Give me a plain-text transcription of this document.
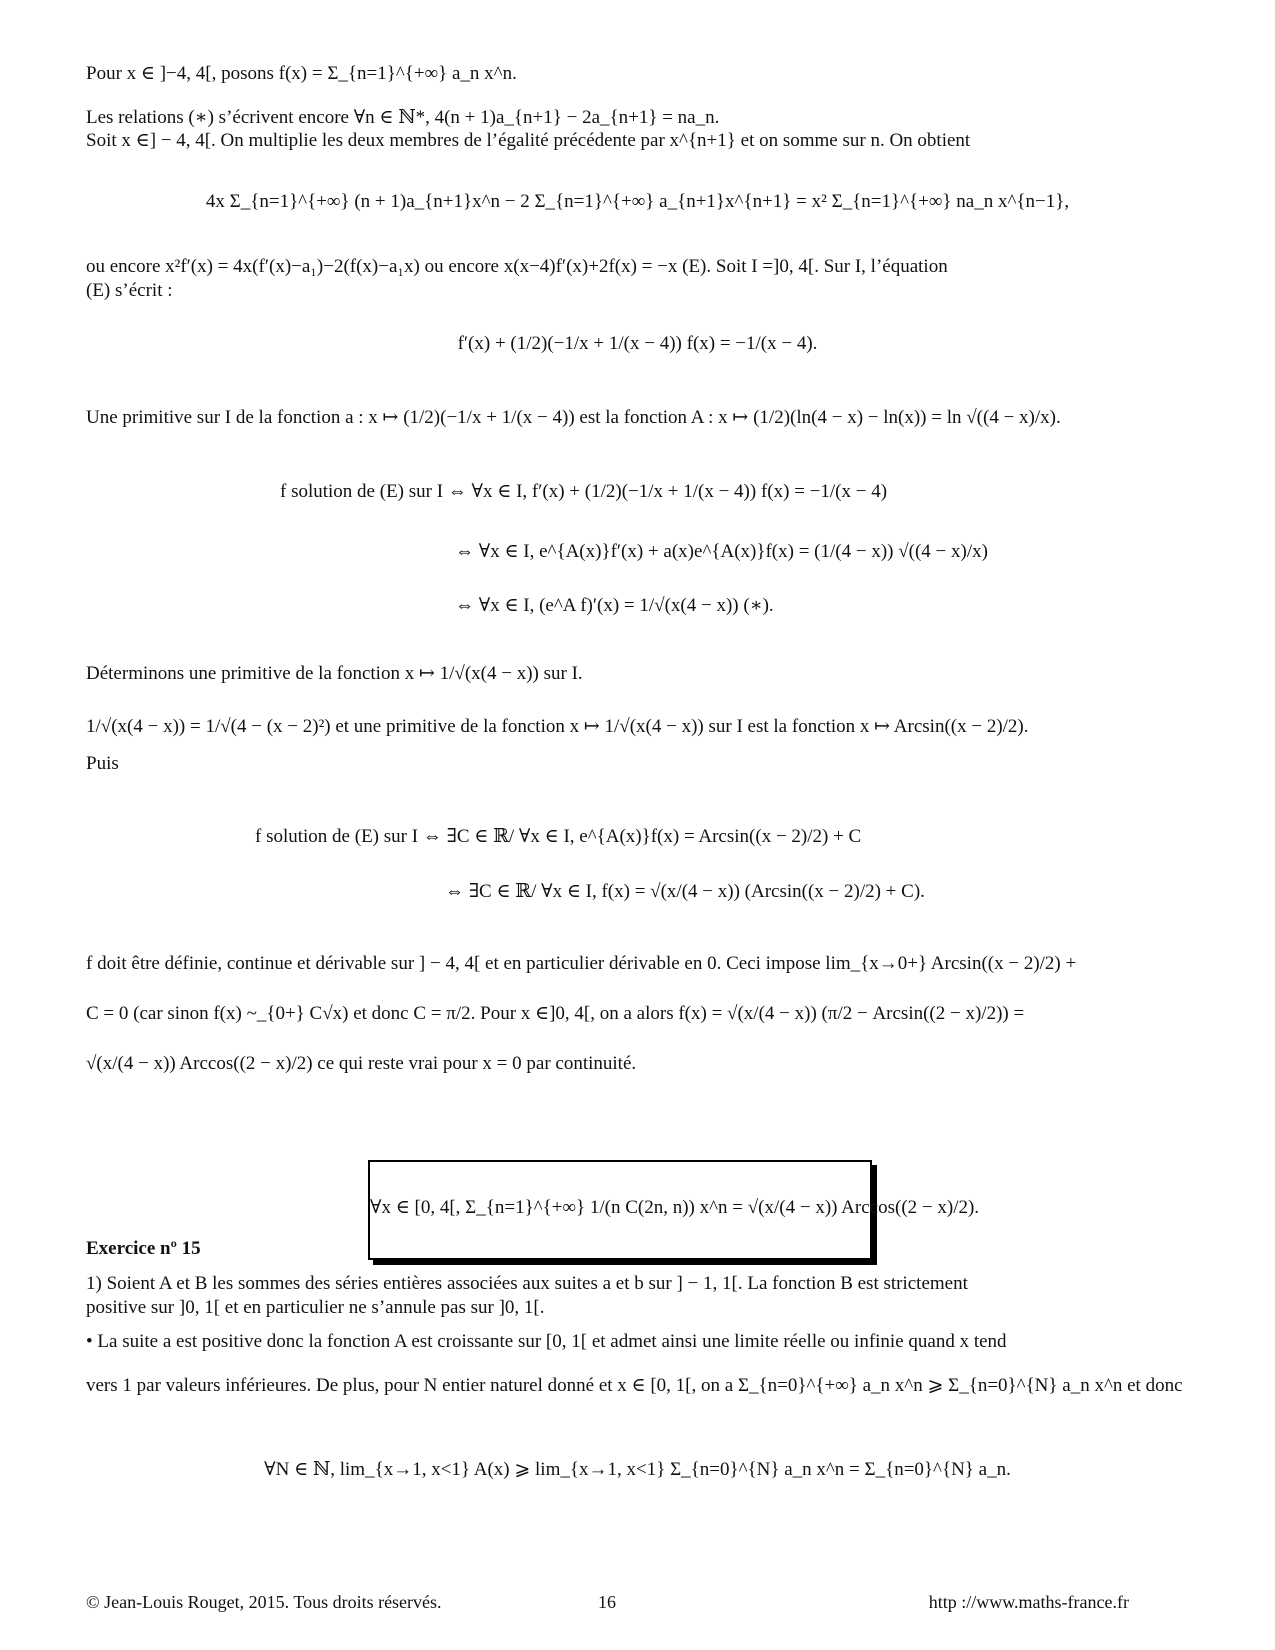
Pour x ∈ ]−4, 4[, posons f(x) = Σ_{n=1}^{+∞} a_n x^n.
Les relations (∗) s’écrivent encore ∀n ∈ ℕ*, 4(n + 1)a_{n+1} − 2a_{n+1} = na_n.
Soit x ∈] − 4, 4[. On multiplie les deux membres de l’égalité précédente par x^{n+1} et on somme sur n. On obtient
4x Σ_{n=1}^{+∞} (n + 1)a_{n+1}x^n − 2 Σ_{n=1}^{+∞} a_{n+1}x^{n+1} = x² Σ_{n=1}^{+∞} na_n x^{n−1},
ou encore x²f′(x) = 4x(f′(x)−a₁)−2(f(x)−a₁x) ou encore x(x−4)f′(x)+2f(x) = −x (E). Soit I =]0, 4[. Sur I, l’équation
(E) s’écrit :
f′(x) + (1/2)(−1/x + 1/(x − 4)) f(x) = −1/(x − 4).
Une primitive sur I de la fonction a : x ↦ (1/2)(−1/x + 1/(x − 4)) est la fonction A : x ↦ (1/2)(ln(4 − x) − ln(x)) = ln √((4 − x)/x).
f solution de (E) sur I ⇔ ∀x ∈ I, f′(x) + (1/2)(−1/x + 1/(x − 4)) f(x) = −1/(x − 4)
⇔ ∀x ∈ I, e^{A(x)}f′(x) + a(x)e^{A(x)}f(x) = (1/(4 − x)) √((4 − x)/x)
⇔ ∀x ∈ I, (e^A f)′(x) = 1/√(x(4 − x)) (∗).
Déterminons une primitive de la fonction x ↦ 1/√(x(4 − x)) sur I.
1/√(x(4 − x)) = 1/√(4 − (x − 2)²) et une primitive de la fonction x ↦ 1/√(x(4 − x)) sur I est la fonction x ↦ Arcsin((x − 2)/2).
Puis
f solution de (E) sur I ⇔ ∃C ∈ ℝ/ ∀x ∈ I, e^{A(x)}f(x) = Arcsin((x − 2)/2) + C
⇔ ∃C ∈ ℝ/ ∀x ∈ I, f(x) = √(x/(4 − x)) (Arcsin((x − 2)/2) + C).
f doit être définie, continue et dérivable sur ] − 4, 4[ et en particulier dérivable en 0. Ceci impose lim_{x→0+} Arcsin((x − 2)/2) +
C = 0 (car sinon f(x) ~_{0+} C√x) et donc C = π/2. Pour x ∈]0, 4[, on a alors f(x) = √(x/(4 − x)) (π/2 − Arcsin((2 − x)/2)) =
√(x/(4 − x)) Arccos((2 − x)/2) ce qui reste vrai pour x = 0 par continuité.
∀x ∈ [0, 4[, Σ_{n=1}^{+∞} 1/(n C(2n, n)) x^n = √(x/(4 − x)) Arccos((2 − x)/2).
Exercice nº 15
1) Soient A et B les sommes des séries entières associées aux suites a et b sur ] − 1, 1[. La fonction B est strictement
positive sur ]0, 1[ et en particulier ne s’annule pas sur ]0, 1[.
• La suite a est positive donc la fonction A est croissante sur [0, 1[ et admet ainsi une limite réelle ou infinie quand x tend
vers 1 par valeurs inférieures. De plus, pour N entier naturel donné et x ∈ [0, 1[, on a Σ_{n=0}^{+∞} a_n x^n ⩾ Σ_{n=0}^{N} a_n x^n et donc
∀N ∈ ℕ, lim_{x→1, x<1} A(x) ⩾ lim_{x→1, x<1} Σ_{n=0}^{N} a_n x^n = Σ_{n=0}^{N} a_n.
© Jean-Louis Rouget, 2015. Tous droits réservés.	16	http ://www.maths-france.fr
